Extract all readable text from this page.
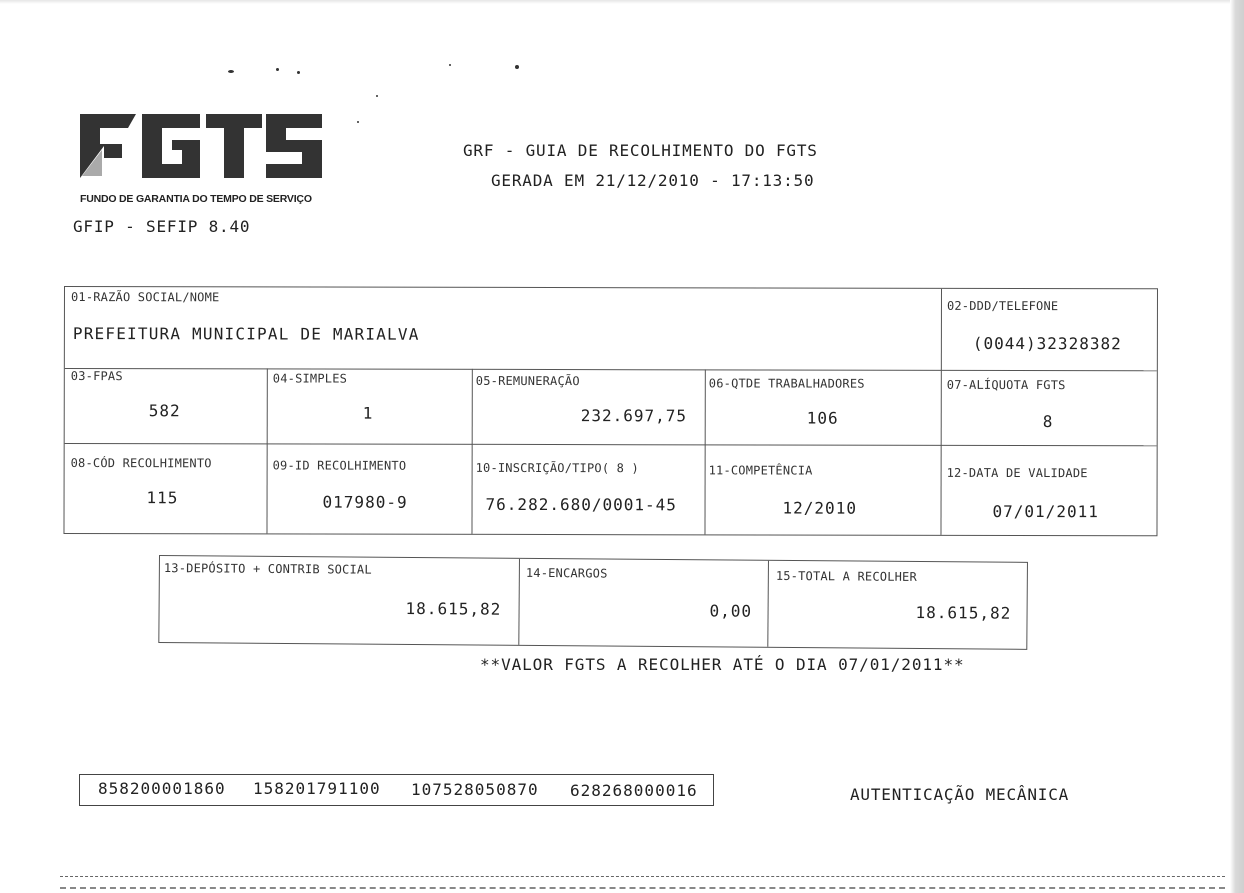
FUNDO DE GARANTIA DO TEMPO DE SERVIÇO
GRF - GUIA DE RECOLHIMENTO DO FGTS
GERADA EM 21/12/2010 - 17:13:50
GFIP - SEFIP 8.40
01-RAZÃO SOCIAL/NOME
PREFEITURA MUNICIPAL DE MARIALVA
02-DDD/TELEFONE
(0044)32328382
03-FPAS
582
04-SIMPLES
1
05-REMUNERAÇÃO
232.697,75
06-QTDE TRABALHADORES
106
07-ALÍQUOTA FGTS
8
08-CÓD RECOLHIMENTO
115
09-ID RECOLHIMENTO
017980-9
10-INSCRIÇÃO/TIPO( 8 )
76.282.680/0001-45
11-COMPETÊNCIA
12/2010
12-DATA DE VALIDADE
07/01/2011
13-DEPÓSITO + CONTRIB SOCIAL
18.615,82
14-ENCARGOS
0,00
15-TOTAL A RECOLHER
18.615,82
**VALOR FGTS A RECOLHER ATÉ O DIA 07/01/2011**
858200001860 158201791100 107528050870 628268000016	AUTENTICAÇÃO MECÂNICA
